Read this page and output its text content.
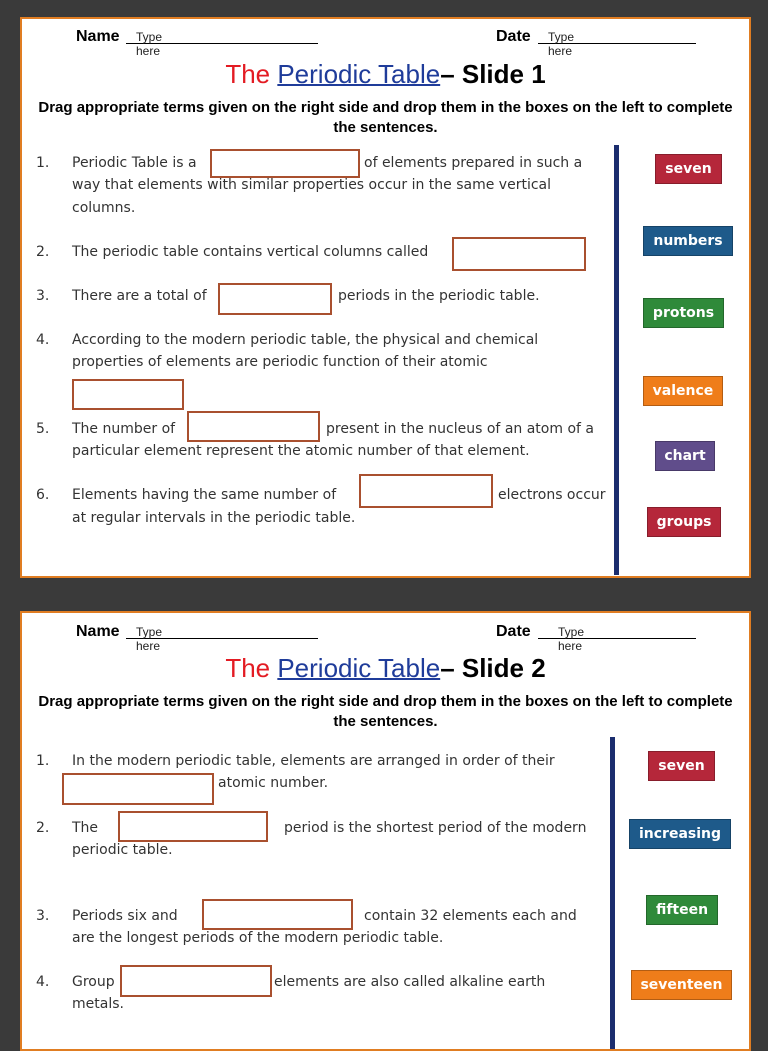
Name Type here
Date Type here
The Periodic Table– Slide 1
Drag appropriate terms given on the right side and drop them in the boxes on the left to complete the sentences.
1. Periodic Table is a	of elements prepared in such a
way that elements with similar properties occur in the same vertical
columns.
2. The periodic table contains vertical columns called
3. There are a total of	periods in the periodic table.
4. According to the modern periodic table, the physical and chemical
properties of elements are periodic function of their atomic
5. The number of	present in the nucleus of an atom of a
particular element represent the atomic number of that element.
6. Elements having the same number of	electrons occur
at regular intervals in the periodic table.
seven
numbers
protons
valence
chart
groups
Name Type here
Date Type here
The Periodic Table– Slide 2
Drag appropriate terms given on the right side and drop them in the boxes on the left to complete the sentences.
1. In the modern periodic table, elements are arranged in order of their
atomic number.
2. The	period is the shortest period of the modern
periodic table.
3. Periods six and	contain 32 elements each and
are the longest periods of the modern periodic table.
4. Group	elements are also called alkaline earth
metals.
seven
increasing
fifteen
seventeen
